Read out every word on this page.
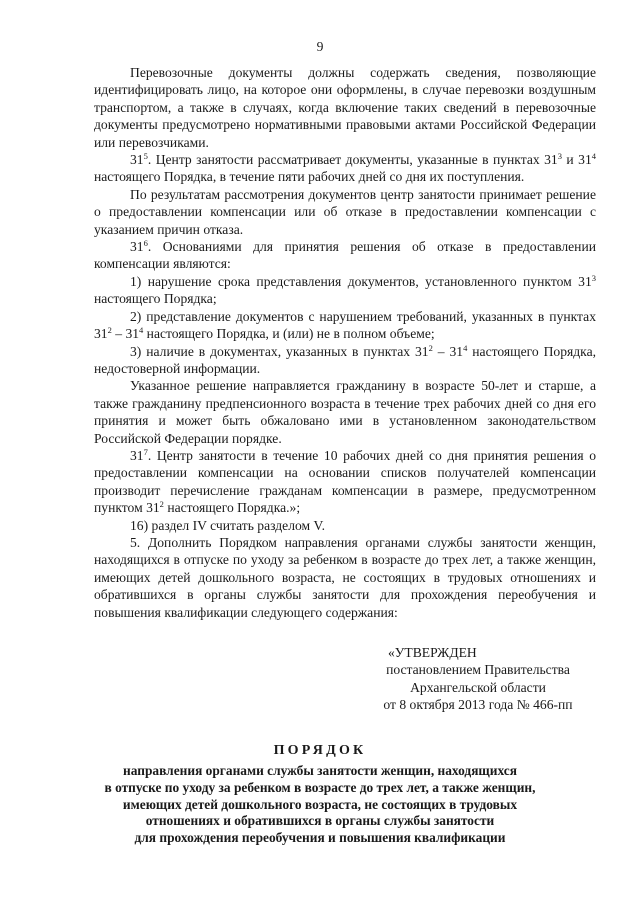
9

Перевозочные документы должны содержать сведения, позволяющие идентифицировать лицо, на которое они оформлены, в случае перевозки воздушным транспортом, а также в случаях, когда включение таких сведений в перевозочные документы предусмотрено нормативными правовыми актами Российской Федерации или перевозчиками.

$31^5$. Центр занятости рассматривает документы, указанные в пунктах $31^3$ и $31^4$ настоящего Порядка, в течение пяти рабочих дней со дня их поступления.

По результатам рассмотрения документов центр занятости принимает решение о предоставлении компенсации или об отказе в предоставлении компенсации с указанием причин отказа.

$31^6$. Основаниями для принятия решения об отказе в предоставлении компенсации являются:

1) нарушение срока представления документов, установленного пунктом $31^3$ настоящего Порядка;

2) представление документов с нарушением требований, указанных в пунктах $31^2 - 31^4$ настоящего Порядка, и (или) не в полном объеме;

3) наличие в документах, указанных в пунктах $31^2 - 31^4$ настоящего Порядка, недостоверной информации.

Указанное решение направляется гражданину в возрасте 50-лет и старше, а также гражданину предпенсионного возраста в течение трех рабочих дней со дня его принятия и может быть обжаловано ими в установленном законодательством Российской Федерации порядке.

$31^7$. Центр занятости в течение 10 рабочих дней со дня принятия решения о предоставлении компенсации на основании списков получателей компенсации производит перечисление гражданам компенсации в размере, предусмотренном пунктом $31^2$ настоящего Порядка.»;

16) раздел IV считать разделом V.

5. Дополнить Порядком направления органами службы занятости женщин, находящихся в отпуске по уходу за ребенком в возрасте до трех лет, а также женщин, имеющих детей дошкольного возраста, не состоящих в трудовых отношениях и обратившихся в органы службы занятости для прохождения переобучения и повышения квалификации следующего содержания:

«УТВЕРЖДЕН
постановлением Правительства
Архангельской области
от 8 октября 2013 года № 466-пп
ПОРЯДОК
направления органами службы занятости женщин, находящихся
в отпуске по уходу за ребенком в возрасте до трех лет, а также женщин,
имеющих детей дошкольного возраста, не состоящих в трудовых
отношениях и обратившихся в органы службы занятости
для прохождения переобучения и повышения квалификации
